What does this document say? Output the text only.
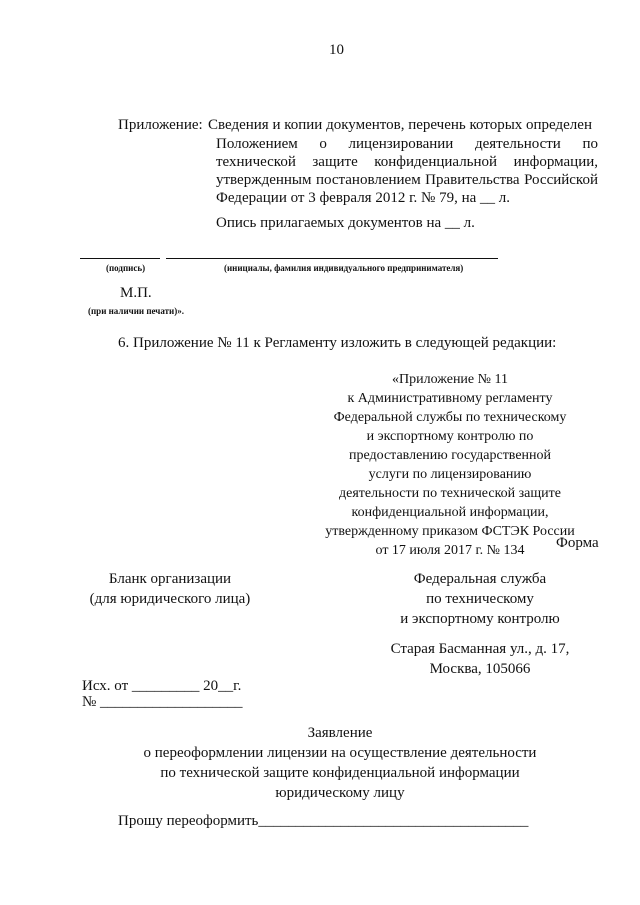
10
Приложение: Сведения и копии документов, перечень которых определен
Положением о лицензировании деятельности по
технической защите конфиденциальной информации,
утвержденным постановлением Правительства Российской
Федерации от 3 февраля 2012 г. № 79, на __ л.
Опись прилагаемых документов на __ л.
(подпись)	(инициалы, фамилия индивидуального предпринимателя)
М.П.
(при наличии печати)».
6. Приложение № 11 к Регламенту изложить в следующей редакции:
«Приложение № 11
к Административному регламенту
Федеральной службы по техническому
и экспортному контролю по
предоставлению государственной
услуги по лицензированию
деятельности по технической защите
конфиденциальной информации,
утвержденному приказом ФСТЭК России
от 17 июля 2017 г. № 134	Форма
Бланк организации
(для юридического лица)
Федеральная служба
по техническому
и экспортному контролю
Старая Басманная ул., д. 17,
Москва, 105066
Исх. от _________ 20__г.
№ ___________________
Заявление
о переоформлении лицензии на осуществление деятельности
по технической защите конфиденциальной информации
юридическому лицу
Прошу переоформить____________________________________
